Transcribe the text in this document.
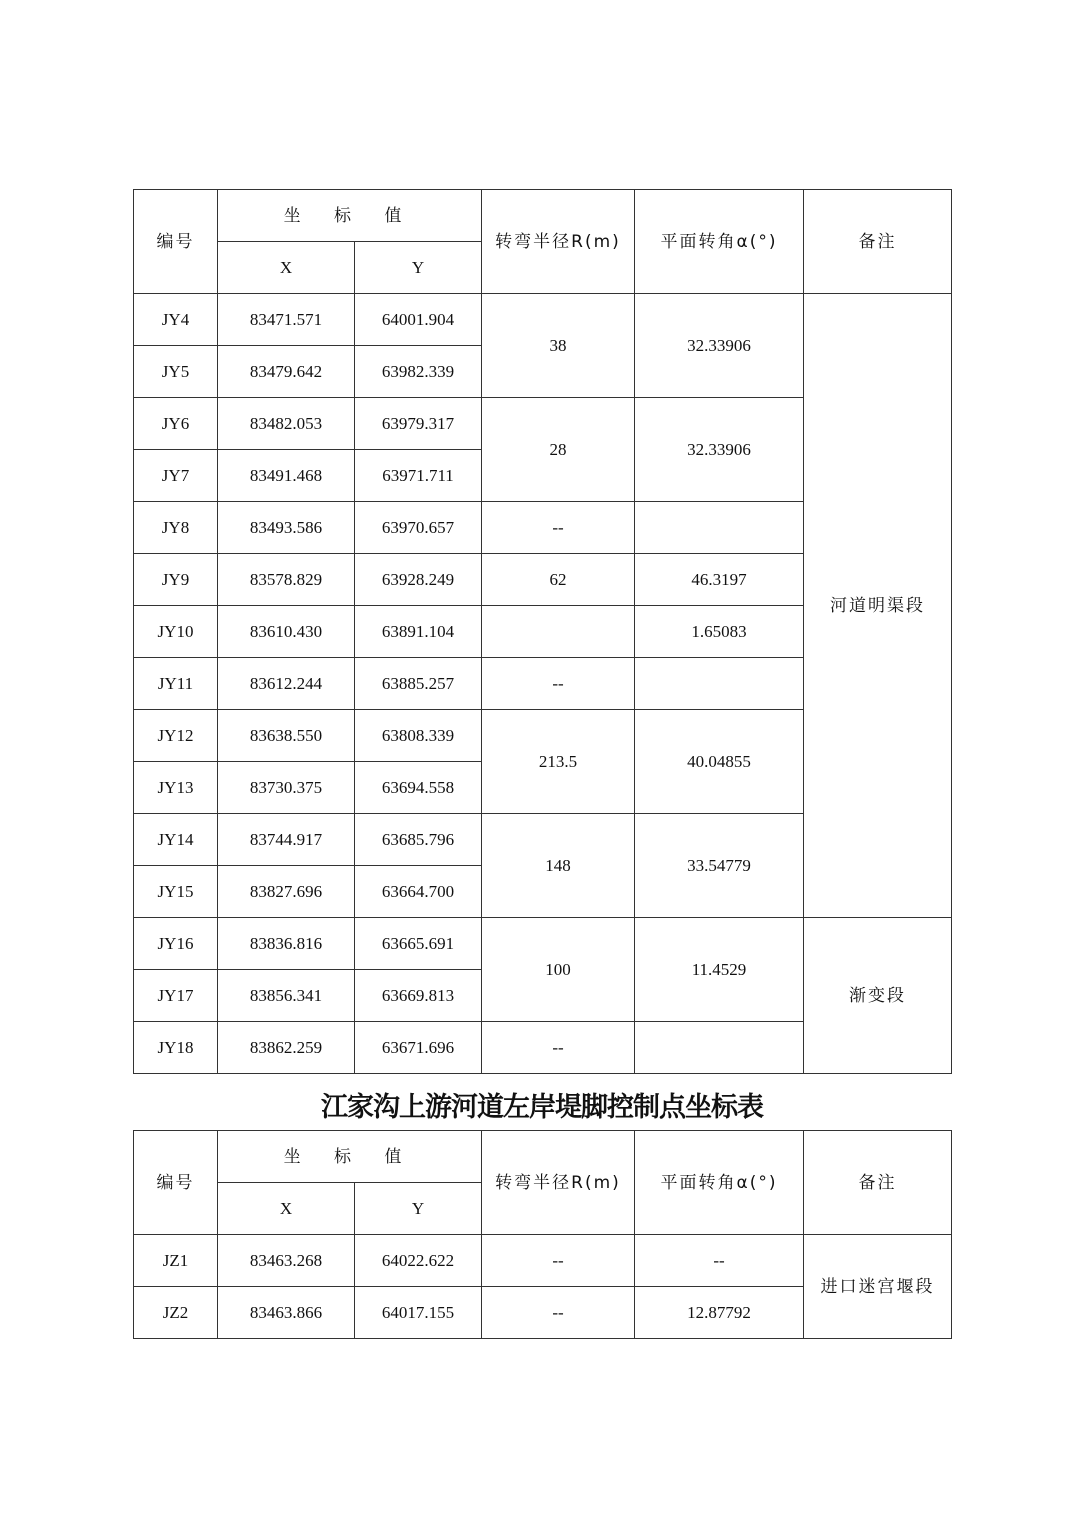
编号	坐 标 值		转弯半径R(m)	平面转角α(°)	备注
	X	Y			
JY4	83471.571	64001.904	38	32.33906	河道明渠段
JY5	83479.642	63982.339			
JY6	83482.053	63979.317	28	32.33906	
JY7	83491.468	63971.711			
JY8	83493.586	63970.657	--		
JY9	83578.829	63928.249	62	46.3197	
JY10	83610.430	63891.104		1.65083	
JY11	83612.244	63885.257	--		
JY12	83638.550	63808.339	213.5	40.04855	
JY13	83730.375	63694.558			
JY14	83744.917	63685.796	148	33.54779	
JY15	83827.696	63664.700			
JY16	83836.816	63665.691	100	11.4529	渐变段
JY17	83856.341	63669.813			
JY18	83862.259	63671.696	--		
江家沟上游河道左岸堤脚控制点坐标表
编号	坐 标 值		转弯半径R(m)	平面转角α(°)	备注
	X	Y			
JZ1	83463.268	64022.622	--	--	进口迷宫堰段
JZ2	83463.866	64017.155	--	12.87792	
